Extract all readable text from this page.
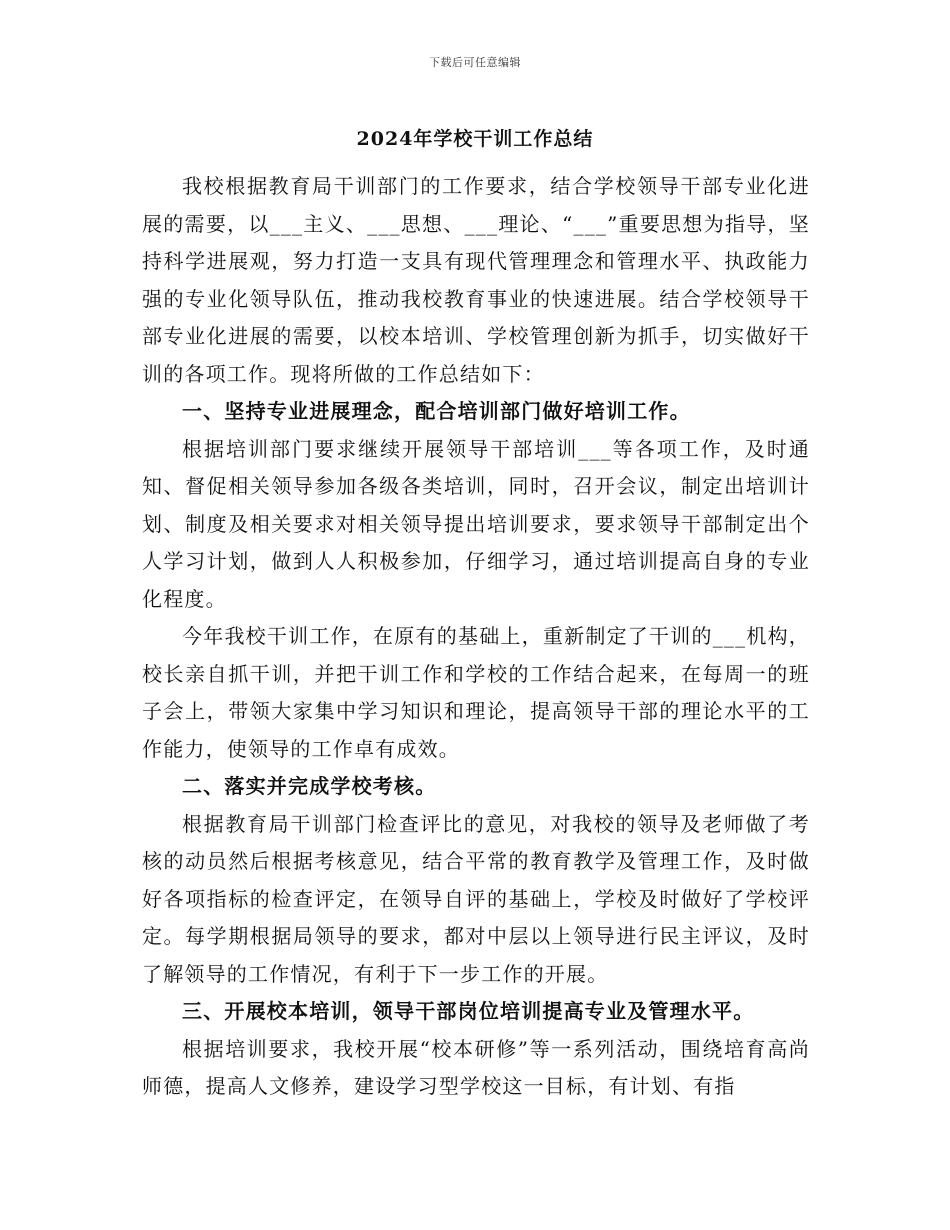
下载后可任意编辑
2024年学校干训工作总结

我校根据教育局干训部门的工作要求，结合学校领导干部专业化进展的需要，以___主义、___思想、___理论、“___”重要思想为指导，坚持科学进展观，努力打造一支具有现代管理理念和管理水平、执政能力强的专业化领导队伍，推动我校教育事业的快速进展。结合学校领导干部专业化进展的需要，以校本培训、学校管理创新为抓手，切实做好干训的各项工作。现将所做的工作总结如下：

一、坚持专业进展理念，配合培训部门做好培训工作。

根据培训部门要求继续开展领导干部培训___等各项工作，及时通知、督促相关领导参加各级各类培训，同时，召开会议，制定出培训计划、制度及相关要求对相关领导提出培训要求，要求领导干部制定出个人学习计划，做到人人积极参加，仔细学习，通过培训提高自身的专业化程度。

今年我校干训工作，在原有的基础上，重新制定了干训的___机构，校长亲自抓干训，并把干训工作和学校的工作结合起来，在每周一的班子会上，带领大家集中学习知识和理论，提高领导干部的理论水平的工作能力，使领导的工作卓有成效。

二、落实并完成学校考核。

根据教育局干训部门检查评比的意见，对我校的领导及老师做了考核的动员然后根据考核意见，结合平常的教育教学及管理工作，及时做好各项指标的检查评定，在领导自评的基础上，学校及时做好了学校评定。每学期根据局领导的要求，都对中层以上领导进行民主评议，及时了解领导的工作情况，有利于下一步工作的开展。

三、开展校本培训，领导干部岗位培训提高专业及管理水平。

根据培训要求，我校开展“校本研修”等一系列活动，围绕培育高尚师德，提高人文修养，建设学习型学校这一目标，有计划、有指
